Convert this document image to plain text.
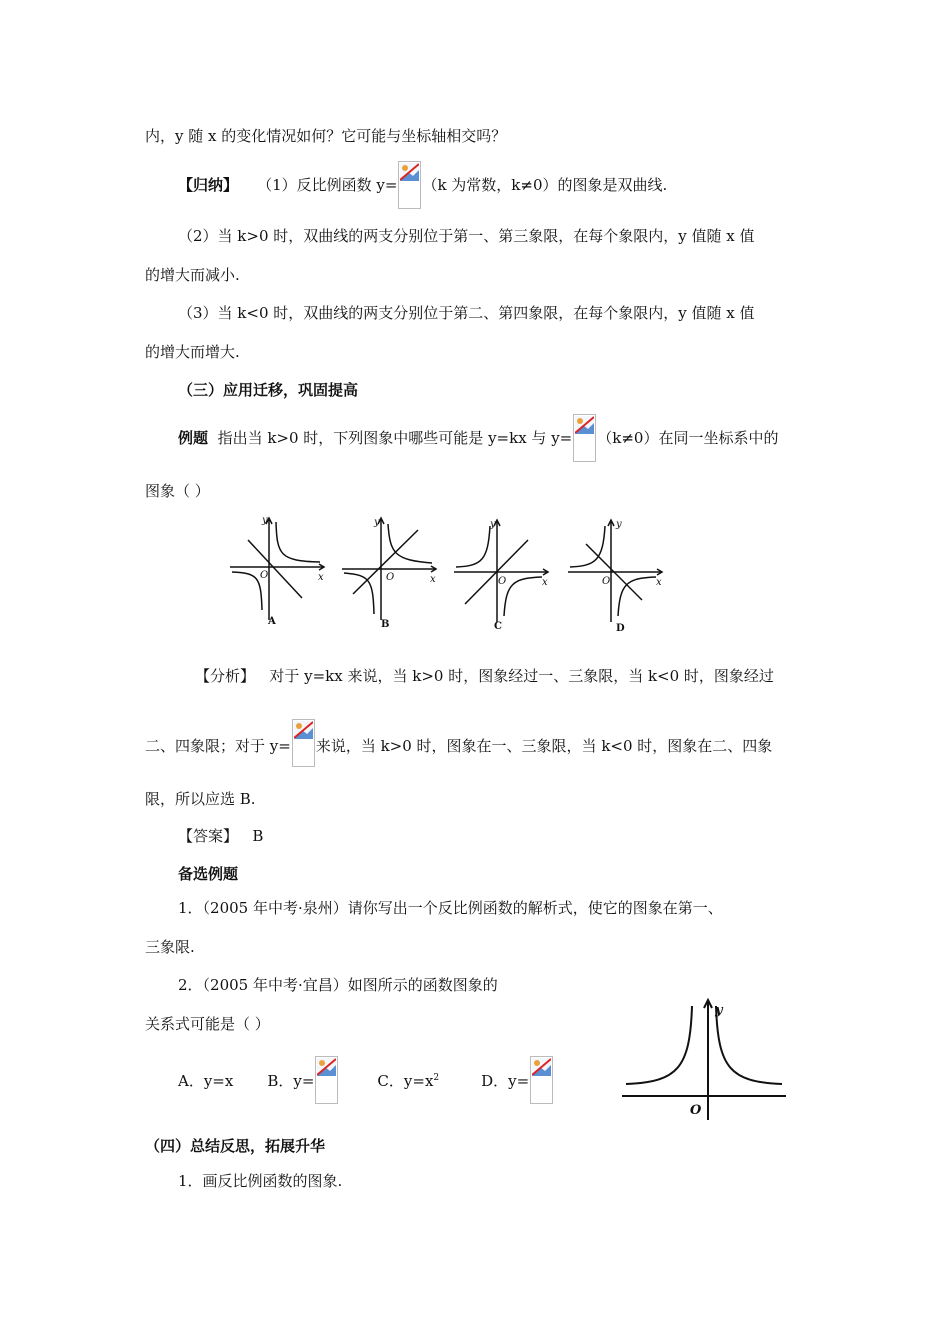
内，y 随 x 的变化情况如何？它可能与坐标轴相交吗？
【归纳】 （1）反比例函数 y= （k 为常数，k≠0）的图象是双曲线.
（2）当 k>0 时，双曲线的两支分别位于第一、第三象限，在每个象限内，y 值随 x 值
的增大而减小.
（3）当 k<0 时，双曲线的两支分别位于第二、第四象限，在每个象限内，y 值随 x 值
的增大而增大.
（三）应用迁移，巩固提高
例题 指出当 k>0 时，下列图象中哪些可能是 y=kx 与 y= （k≠0）在同一坐标系中的
图象（ ）
y
x
O
y
x
O
y
x
O
y
x
O
A	B	C	D
【分析】 对于 y=kx 来说，当 k>0 时，图象经过一、三象限，当 k<0 时，图象经过
二、四象限；对于 y= 来说，当 k>0 时，图象在一、三象限，当 k<0 时，图象在二、四象
限，所以应选 B.
【答案】 B
备选例题
1．（2005 年中考·泉州）请你写出一个反比例函数的解析式，使它的图象在第一、
三象限.
2．（2005 年中考·宜昌）如图所示的函数图象的
关系式可能是（ ）
A．y=x B．y=	C．$y=x^2$	D．y=
y
O
（四）总结反思，拓展升华
1．画反比例函数的图象.
